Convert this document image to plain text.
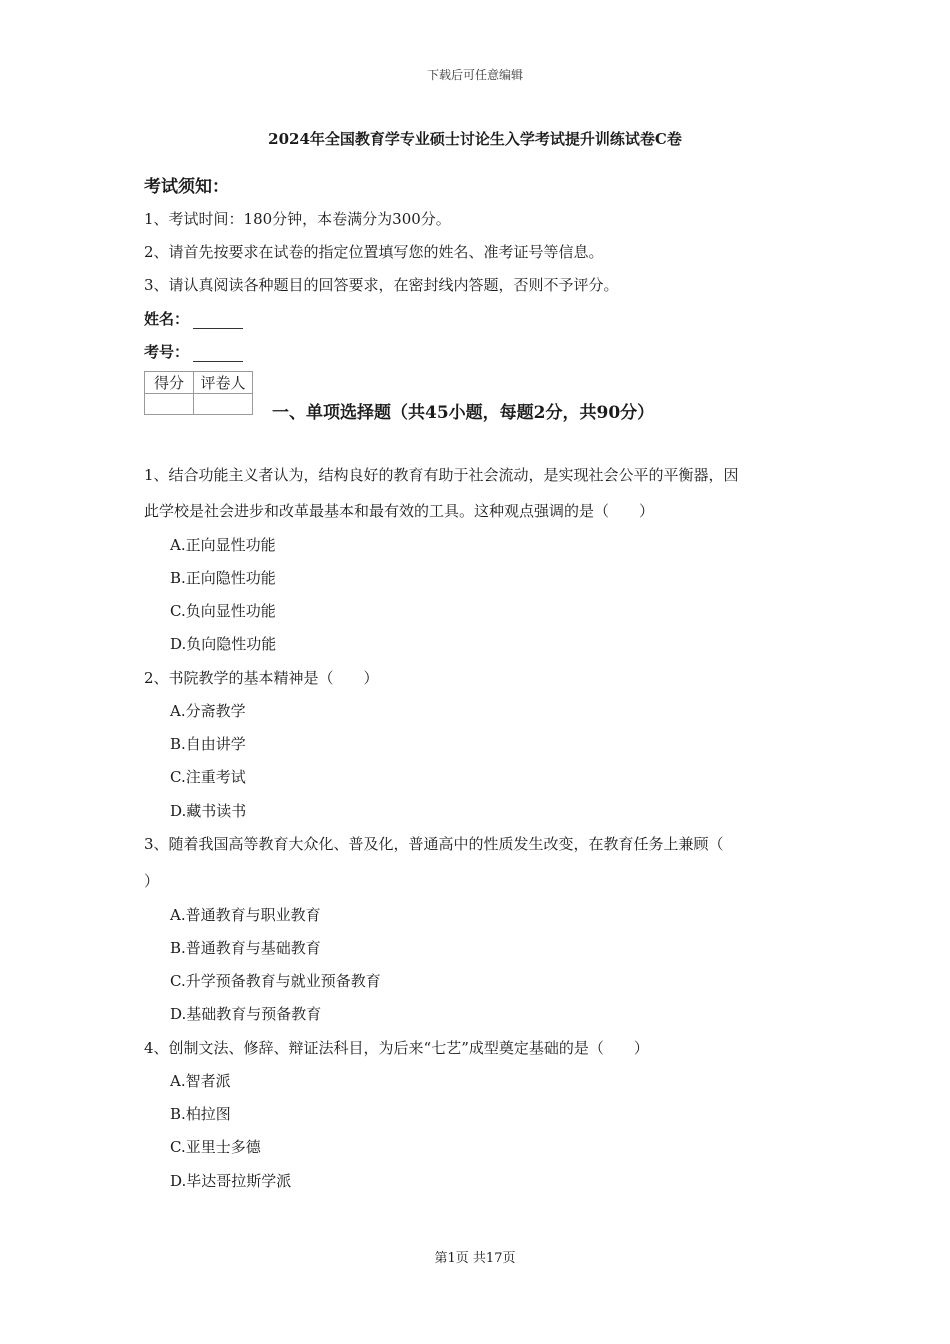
下载后可任意编辑
2024年全国教育学专业硕士讨论生入学考试提升训练试卷C卷
考试须知：
1、考试时间：180分钟，本卷满分为300分。
2、请首先按要求在试卷的指定位置填写您的姓名、准考证号等信息。
3、请认真阅读各种题目的回答要求，在密封线内答题，否则不予评分。
姓名：
考号：
得分	评卷人

一、单项选择题（共45小题，每题2分，共90分）
1、结合功能主义者认为，结构良好的教育有助于社会流动，是实现社会公平的平衡器，因
此学校是社会进步和改革最基本和最有效的工具。这种观点强调的是（　　）
A.正向显性功能
B.正向隐性功能
C.负向显性功能
D.负向隐性功能
2、书院教学的基本精神是（　　）
A.分斋教学
B.自由讲学
C.注重考试
D.藏书读书
3、随着我国高等教育大众化、普及化，普通高中的性质发生改变，在教育任务上兼顾（
）
A.普通教育与职业教育
B.普通教育与基础教育
C.升学预备教育与就业预备教育
D.基础教育与预备教育
4、创制文法、修辞、辩证法科目，为后来“七艺”成型奠定基础的是（　　）
A.智者派
B.柏拉图
C.亚里士多德
D.毕达哥拉斯学派
第1页 共17页
